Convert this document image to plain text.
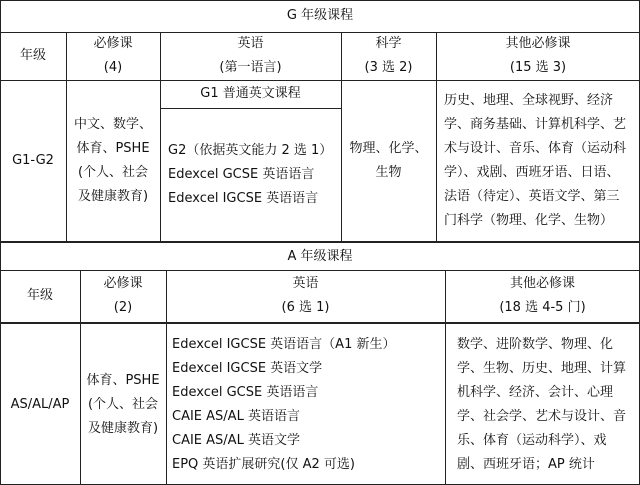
G 年级课程
年级
必修课
(4)
英语
(第一语言)
科学
(3 选 2)
其他必修课
(15 选 3)
G1-G2
中文、数学、
体育、PSHE
(个人、社会
及健康教育)
G1 普通英文课程
G2（依据英文能力 2 选 1）
Edexcel GCSE 英语语言
Edexcel IGCSE 英语语言
物理、化学、
生物
历史、地理、全球视野、经济
学、商务基础、计算机科学、艺
术与设计、音乐、体育（运动科
学）、戏剧、西班牙语、日语、
法语（待定）、英语文学、第三
门科学（物理、化学、生物）
A 年级课程
年级
必修课
(2)
英语
(6 选 1)
其他必修课
(18 选 4-5 门)
AS/AL/AP
体育、PSHE
(个人、社会
及健康教育)
Edexcel IGCSE 英语语言（A1 新生）
Edexcel IGCSE 英语文学
Edexcel GCSE 英语语言
CAIE AS/AL 英语语言
CAIE AS/AL 英语文学
EPQ 英语扩展研究(仅 A2 可选)
数学、进阶数学、物理、化
学、生物、历史、地理、计算
机科学、经济、会计、心理
学、社会学、艺术与设计、音
乐、体育（运动科学）、戏
剧、西班牙语；AP 统计
